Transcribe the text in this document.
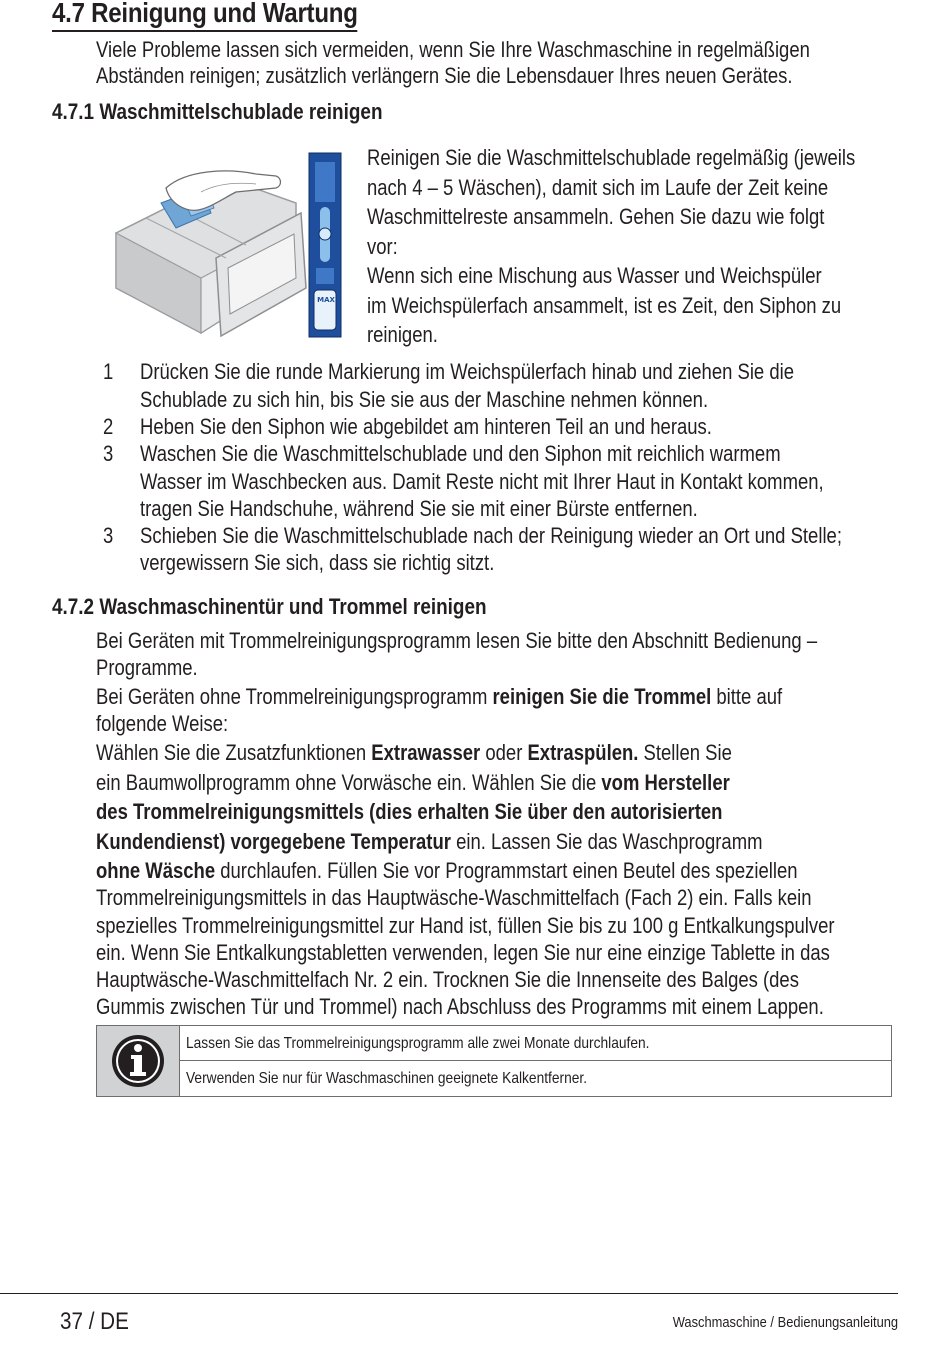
4.7 Reinigung und Wartung
Viele Probleme lassen sich vermeiden, wenn Sie Ihre Waschmaschine in regelmäßigen
Abständen reinigen; zusätzlich verlängern Sie die Lebensdauer Ihres neuen Gerätes.
4.7.1 Waschmittelschublade reinigen
MAX
Reinigen Sie die Waschmittelschublade regelmäßig (jeweils
nach 4 – 5 Wäschen), damit sich im Laufe der Zeit keine
Waschmittelreste ansammeln. Gehen Sie dazu wie folgt
vor:
Wenn sich eine Mischung aus Wasser und Weichspüler
im Weichspülerfach ansammelt, ist es Zeit, den Siphon zu
reinigen.
1 Drücken Sie die runde Markierung im Weichspülerfach hinab und ziehen Sie die
Schublade zu sich hin, bis Sie sie aus der Maschine nehmen können.
2 Heben Sie den Siphon wie abgebildet am hinteren Teil an und heraus.
3 Waschen Sie die Waschmittelschublade und den Siphon mit reichlich warmem
Wasser im Waschbecken aus. Damit Reste nicht mit Ihrer Haut in Kontakt kommen,
tragen Sie Handschuhe, während Sie sie mit einer Bürste entfernen.
3 Schieben Sie die Waschmittelschublade nach der Reinigung wieder an Ort und Stelle;
vergewissern Sie sich, dass sie richtig sitzt.
4.7.2 Waschmaschinentür und Trommel reinigen
Bei Geräten mit Trommelreinigungsprogramm lesen Sie bitte den Abschnitt Bedienung –
Programme.
Bei Geräten ohne Trommelreinigungsprogramm reinigen Sie die Trommel bitte auf
folgende Weise:
Wählen Sie die Zusatzfunktionen Extrawasser oder Extraspülen. Stellen Sie
ein Baumwollprogramm ohne Vorwäsche ein. Wählen Sie die vom Hersteller
des Trommelreinigungsmittels (dies erhalten Sie über den autorisierten
Kundendienst) vorgegebene Temperatur ein. Lassen Sie das Waschprogramm
ohne Wäsche durchlaufen. Füllen Sie vor Programmstart einen Beutel des speziellen
Trommelreinigungsmittels in das Hauptwäsche-Waschmittelfach (Fach 2) ein. Falls kein
spezielles Trommelreinigungsmittel zur Hand ist, füllen Sie bis zu 100 g Entkalkungspulver
ein. Wenn Sie Entkalkungstabletten verwenden, legen Sie nur eine einzige Tablette in das
Hauptwäsche-Waschmittelfach Nr. 2 ein. Trocknen Sie die Innenseite des Balges (des
Gummis zwischen Tür und Trommel) nach Abschluss des Programms mit einem Lappen.
Lassen Sie das Trommelreinigungsprogramm alle zwei Monate durchlaufen.
Verwenden Sie nur für Waschmaschinen geeignete Kalkentferner.
37 / DE	Waschmaschine / Bedienungsanleitung
